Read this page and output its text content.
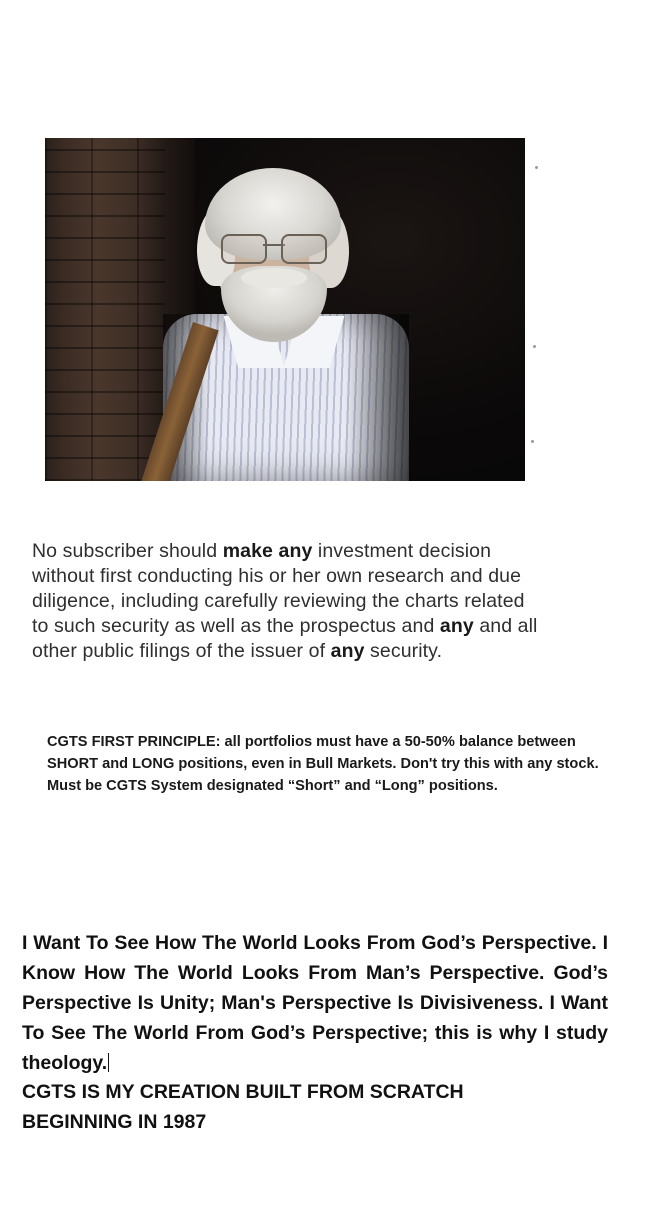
No subscriber should make any investment decision without first conducting his or her own research and due diligence, including carefully reviewing the charts related to such security as well as the prospectus and any and all other public filings of the issuer of any security.

CGTS FIRST PRINCIPLE: all portfolios must have a 50-50% balance between SHORT and LONG positions, even in Bull Markets. Don't try this with any stock. Must be CGTS System designated “Short” and “Long” positions.

I Want To See How The World Looks From God’s Perspective. I Know How The World Looks From Man’s Perspective. God’s Perspective Is Unity; Man's Perspective Is Divisiveness. I Want To See The World From God’s Perspective; this is why I study theology.

CGTS IS MY CREATION BUILT FROM SCRATCH
BEGINNING IN 1987
